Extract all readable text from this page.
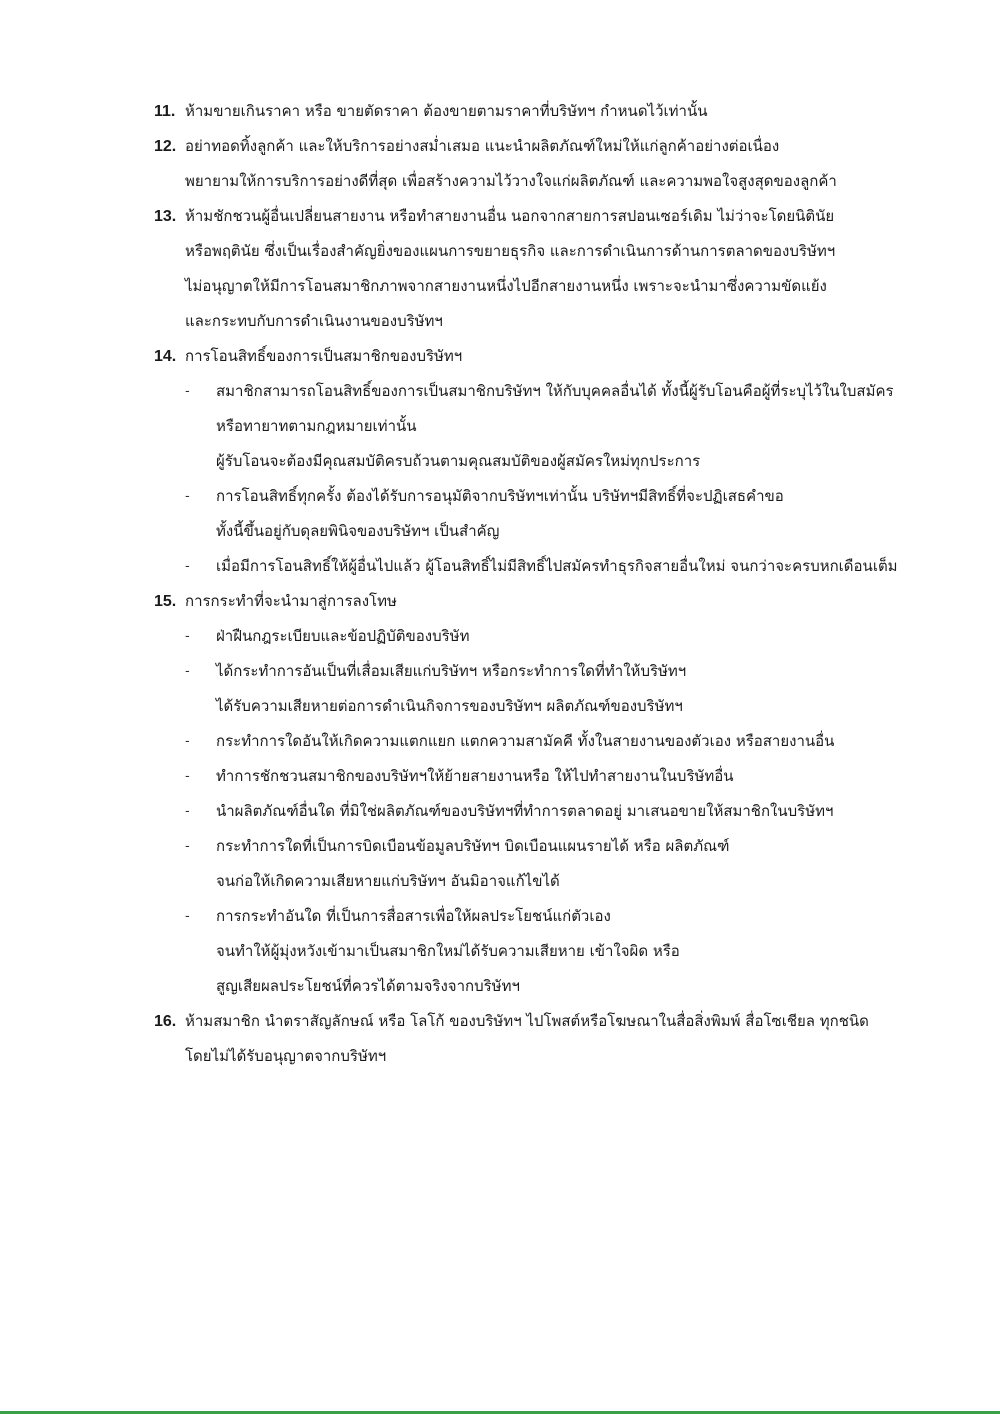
11. ห้ามขายเกินราคา หรือ ขายตัดราคา ต้องขายตามราคาที่บริษัทฯ กำหนดไว้เท่านั้น
12. อย่าทอดทิ้งลูกค้า และให้บริการอย่างสม่ำเสมอ แนะนำผลิตภัณฑ์ใหม่ให้แก่ลูกค้าอย่างต่อเนื่อง
พยายามให้การบริการอย่างดีที่สุด เพื่อสร้างความไว้วางใจแก่ผลิตภัณฑ์ และความพอใจสูงสุดของลูกค้า
13. ห้ามชักชวนผู้อื่นเปลี่ยนสายงาน หรือทำสายงานอื่น นอกจากสายการสปอนเซอร์เดิม ไม่ว่าจะโดยนิตินัย
หรือพฤตินัย ซึ่งเป็นเรื่องสำคัญยิ่งของแผนการขยายธุรกิจ และการดำเนินการด้านการตลาดของบริษัทฯ
ไม่อนุญาตให้มีการโอนสมาชิกภาพจากสายงานหนึ่งไปอีกสายงานหนึ่ง เพราะจะนำมาซึ่งความขัดแย้ง
และกระทบกับการดำเนินงานของบริษัทฯ
14. การโอนสิทธิ์ของการเป็นสมาชิกของบริษัทฯ
- สมาชิกสามารถโอนสิทธิ์ของการเป็นสมาชิกบริษัทฯ ให้กับบุคคลอื่นได้ ทั้งนี้ผู้รับโอนคือผู้ที่ระบุไว้ในใบสมัคร
หรือทายาทตามกฎหมายเท่านั้น
ผู้รับโอนจะต้องมีคุณสมบัติครบถ้วนตามคุณสมบัติของผู้สมัครใหม่ทุกประการ
- การโอนสิทธิ์ทุกครั้ง ต้องได้รับการอนุมัติจากบริษัทฯเท่านั้น บริษัทฯมีสิทธิ์ที่จะปฏิเสธคำขอ
ทั้งนี้ขึ้นอยู่กับดุลยพินิจของบริษัทฯ เป็นสำคัญ
- เมื่อมีการโอนสิทธิ์ให้ผู้อื่นไปแล้ว ผู้โอนสิทธิ์ไม่มีสิทธิ์ไปสมัครทำธุรกิจสายอื่นใหม่ จนกว่าจะครบหกเดือนเต็ม
15. การกระทำที่จะนำมาสู่การลงโทษ
- ฝ่าฝืนกฎระเบียบและข้อปฏิบัติของบริษัท
- ได้กระทำการอันเป็นที่เสื่อมเสียแก่บริษัทฯ หรือกระทำการใดที่ทำให้บริษัทฯ
ได้รับความเสียหายต่อการดำเนินกิจการของบริษัทฯ ผลิตภัณฑ์ของบริษัทฯ
- กระทำการใดอันให้เกิดความแตกแยก แตกความสามัคคี ทั้งในสายงานของตัวเอง หรือสายงานอื่น
- ทำการชักชวนสมาชิกของบริษัทฯให้ย้ายสายงานหรือ ให้ไปทำสายงานในบริษัทอื่น
- นำผลิตภัณฑ์อื่นใด ที่มิใช่ผลิตภัณฑ์ของบริษัทฯที่ทำการตลาดอยู่ มาเสนอขายให้สมาชิกในบริษัทฯ
- กระทำการใดที่เป็นการบิดเบือนข้อมูลบริษัทฯ บิดเบือนแผนรายได้ หรือ ผลิตภัณฑ์
จนก่อให้เกิดความเสียหายแก่บริษัทฯ อันมิอาจแก้ไขได้
- การกระทำอันใด ที่เป็นการสื่อสารเพื่อให้ผลประโยชน์แก่ตัวเอง
จนทำให้ผู้มุ่งหวังเข้ามาเป็นสมาชิกใหม่ได้รับความเสียหาย เข้าใจผิด หรือ
สูญเสียผลประโยชน์ที่ควรได้ตามจริงจากบริษัทฯ
16. ห้ามสมาชิก นำตราสัญลักษณ์ หรือ โลโก้ ของบริษัทฯ ไปโพสต์หรือโฆษณาในสื่อสิ่งพิมพ์ สื่อโซเชียล ทุกชนิด
โดยไม่ได้รับอนุญาตจากบริษัทฯ
